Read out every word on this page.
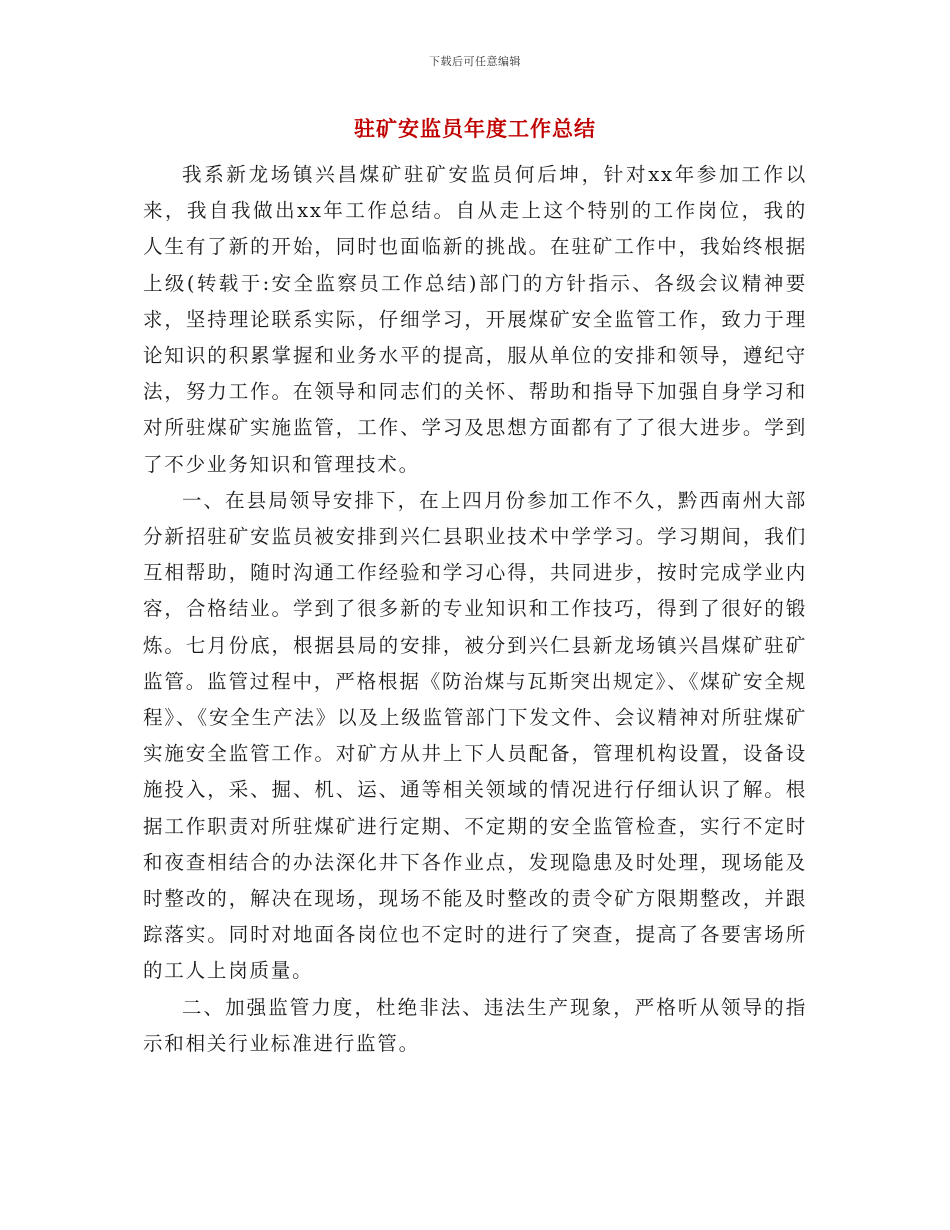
下载后可任意编辑
驻矿安监员年度工作总结

我系新龙场镇兴昌煤矿驻矿安监员何后坤，针对xx年参加工作以来，我自我做出xx年工作总结。自从走上这个特别的工作岗位，我的人生有了新的开始，同时也面临新的挑战。在驻矿工作中，我始终根据上级(转载于:安全监察员工作总结)部门的方针指示、各级会议精神要求，坚持理论联系实际，仔细学习，开展煤矿安全监管工作，致力于理论知识的积累掌握和业务水平的提高，服从单位的安排和领导，遵纪守法，努力工作。在领导和同志们的关怀、帮助和指导下加强自身学习和对所驻煤矿实施监管，工作、学习及思想方面都有了了很大进步。学到了不少业务知识和管理技术。

一、在县局领导安排下，在上四月份参加工作不久，黔西南州大部分新招驻矿安监员被安排到兴仁县职业技术中学学习。学习期间，我们互相帮助，随时沟通工作经验和学习心得，共同进步，按时完成学业内容，合格结业。学到了很多新的专业知识和工作技巧，得到了很好的锻炼。七月份底，根据县局的安排，被分到兴仁县新龙场镇兴昌煤矿驻矿监管。监管过程中，严格根据《防治煤与瓦斯突出规定》、《煤矿安全规程》、《安全生产法》以及上级监管部门下发文件、会议精神对所驻煤矿实施安全监管工作。对矿方从井上下人员配备，管理机构设置，设备设施投入，采、掘、机、运、通等相关领域的情况进行仔细认识了解。根据工作职责对所驻煤矿进行定期、不定期的安全监管检查，实行不定时和夜查相结合的办法深化井下各作业点，发现隐患及时处理，现场能及时整改的，解决在现场，现场不能及时整改的责令矿方限期整改，并跟踪落实。同时对地面各岗位也不定时的进行了突查，提高了各要害场所的工人上岗质量。

二、加强监管力度，杜绝非法、违法生产现象，严格听从领导的指示和相关行业标准进行监管。
